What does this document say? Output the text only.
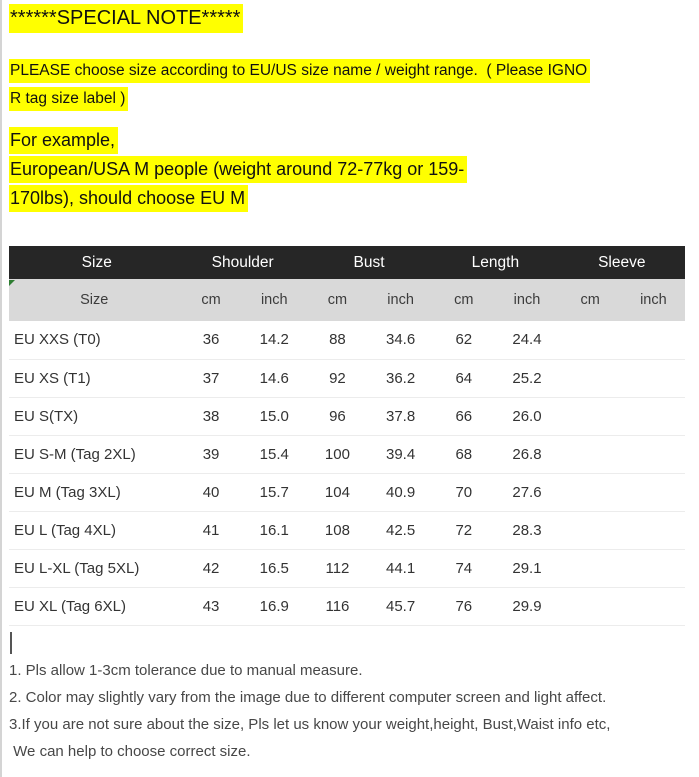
******SPECIAL NOTE*****
PLEASE choose size according to EU/US size name / weight range.  ( Please IGNO
R tag size label )
For example,
European/USA M people (weight around 72-77kg or 159-
170lbs), should choose EU M
Size	Shoulder		Bust		Length		Sleeve	

Size	cm	inch	cm	inch	cm	inch	cm	inch
EU XXS (T0)	36	14.2	88	34.6	62	24.4		
EU XS (T1)	37	14.6	92	36.2	64	25.2		
EU S(TX)	38	15.0	96	37.8	66	26.0		
EU S-M (Tag 2XL)	39	15.4	100	39.4	68	26.8		
EU M (Tag 3XL)	40	15.7	104	40.9	70	27.6		
EU L (Tag 4XL)	41	16.1	108	42.5	72	28.3		
EU L-XL (Tag 5XL)	42	16.5	112	44.1	74	29.1		
EU XL (Tag 6XL)	43	16.9	116	45.7	76	29.9		
1. Pls allow 1-3cm tolerance due to manual measure.
2. Color may slightly vary from the image due to different computer screen and light affect.
3.If you are not sure about the size, Pls let us know your weight,height, Bust,Waist info etc,
We can help to choose correct size.
